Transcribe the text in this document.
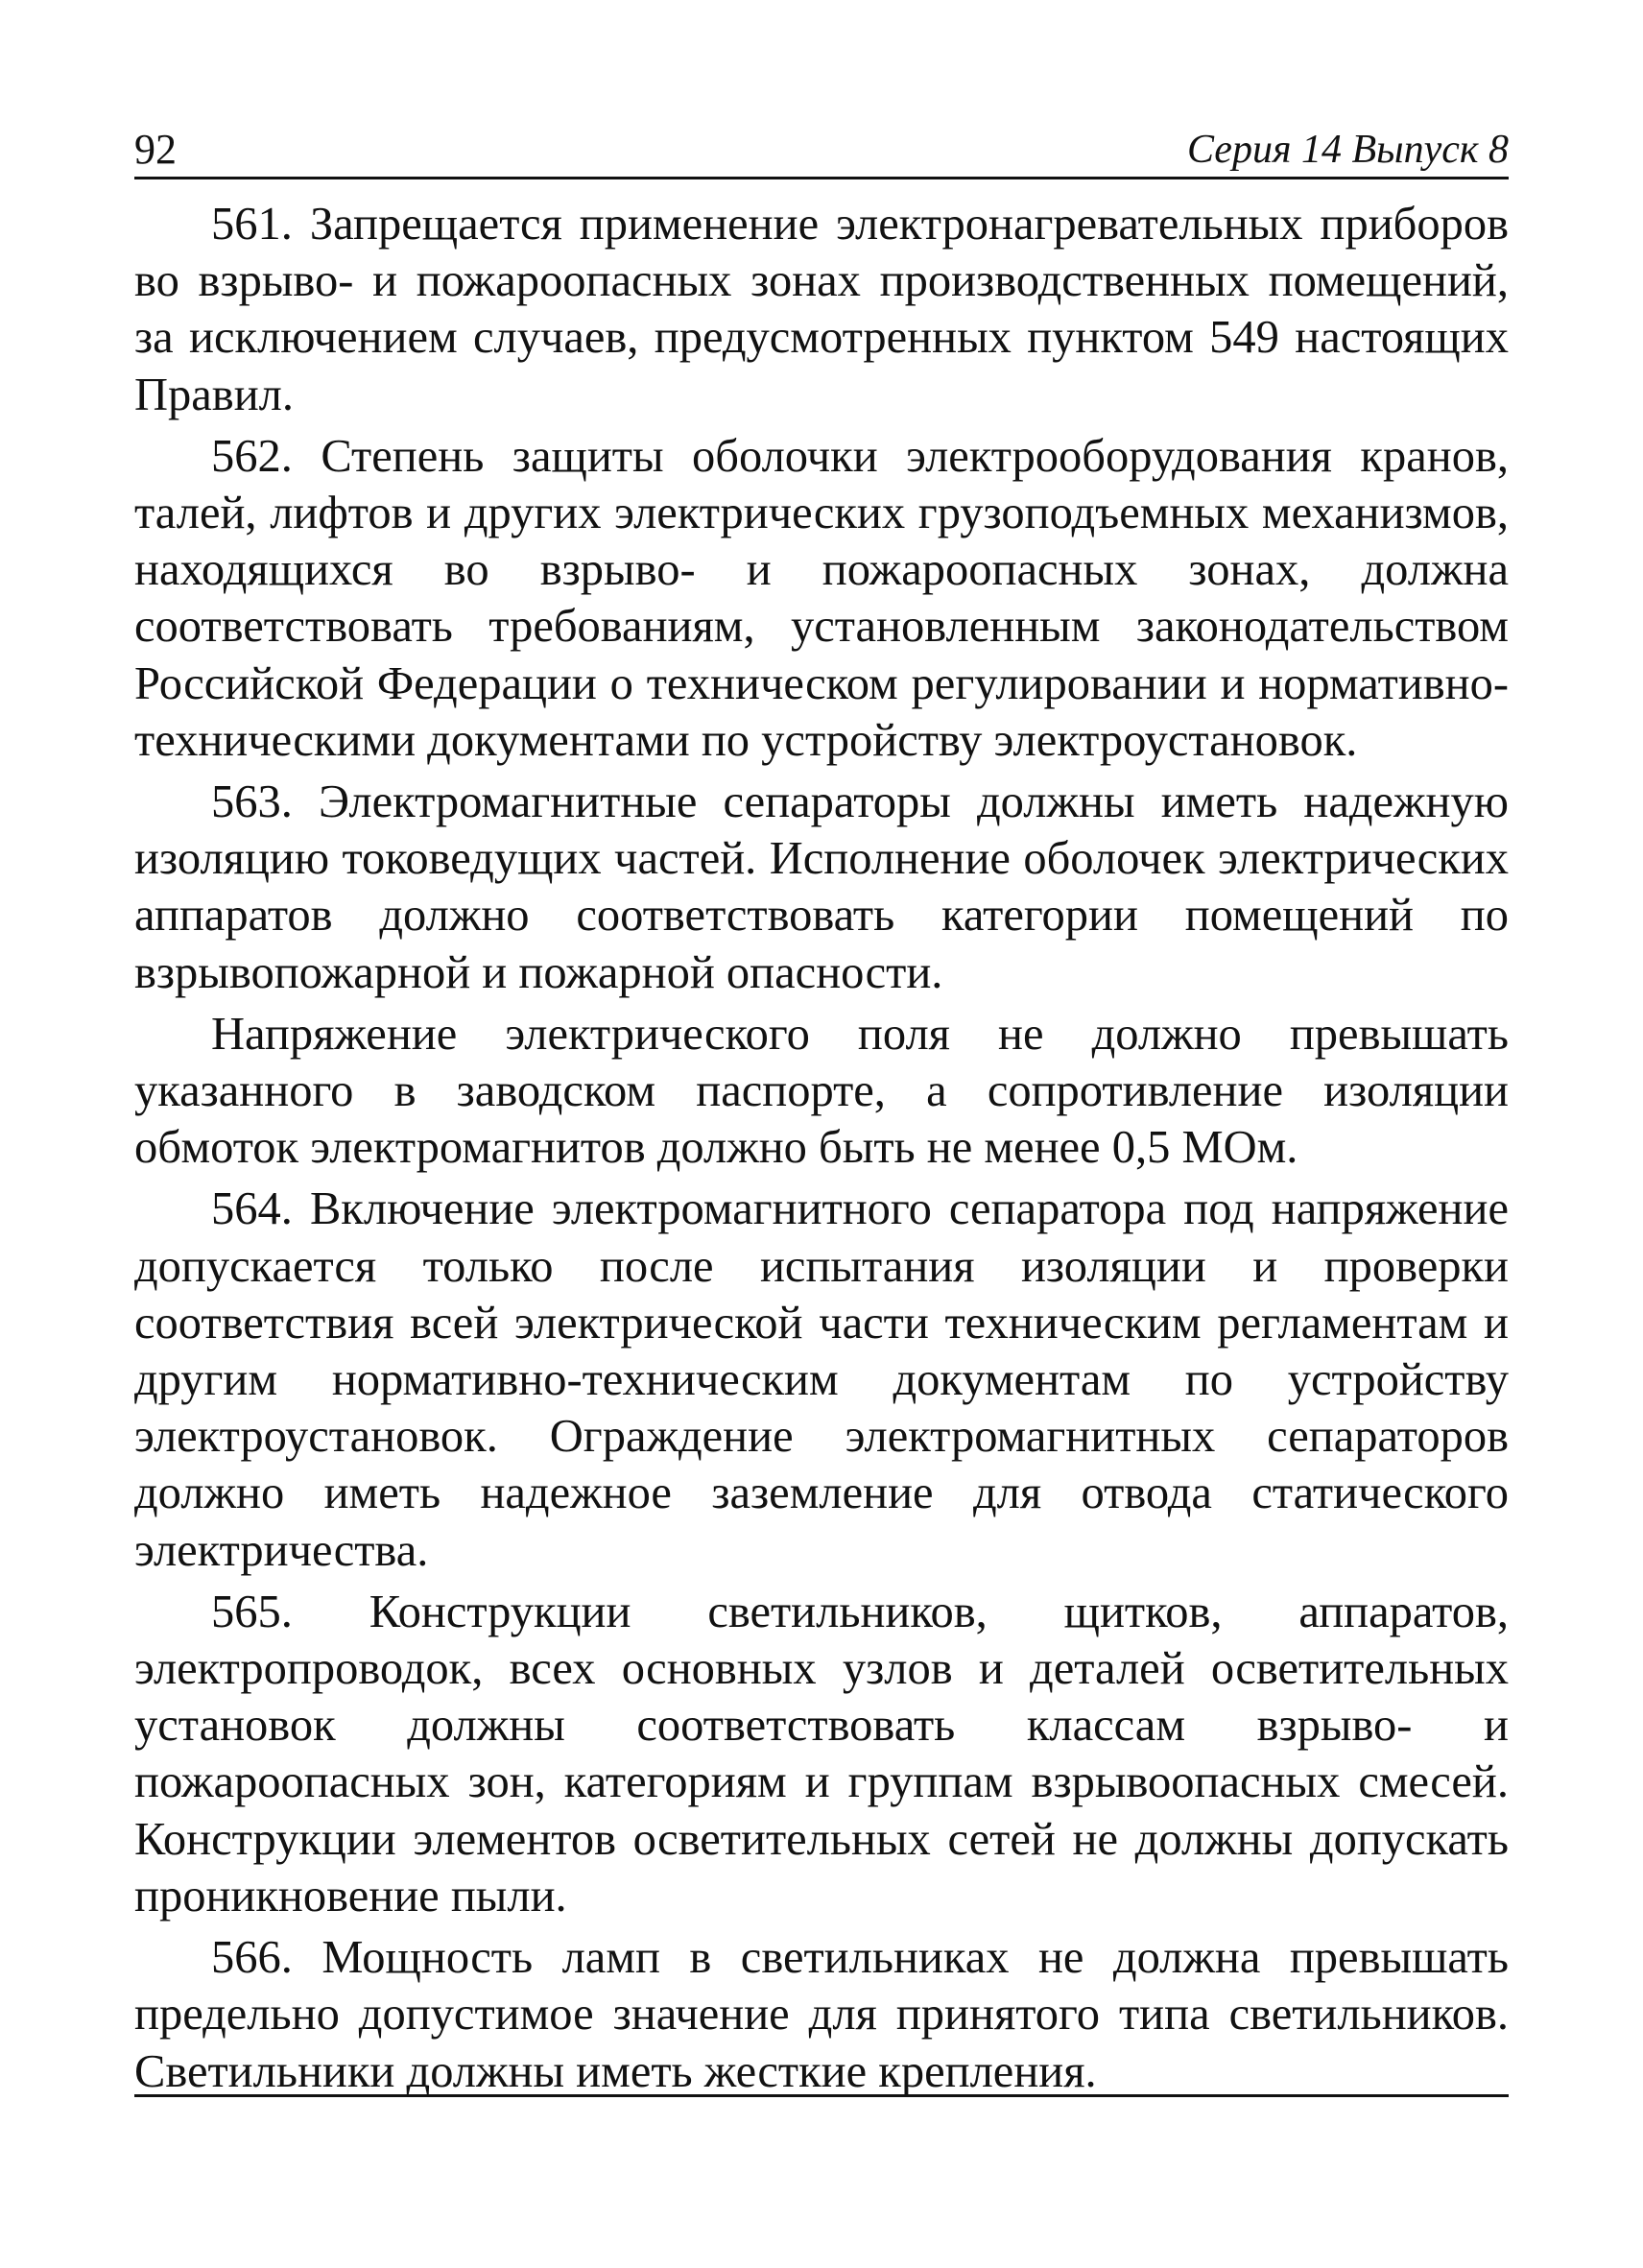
92	Серия 14 Выпуск 8

561. Запрещается применение электронагревательных приборов во взрыво- и пожароопасных зонах производственных помещений, за исключением случаев, предусмотренных пунктом 549 настоящих Правил.

562. Степень защиты оболочки электрооборудования кранов, талей, лифтов и других электрических грузоподъемных механизмов, находящихся во взрыво- и пожароопасных зонах, должна соответствовать требованиям, установленным законодательством Российской Федерации о техническом регулировании и нормативно-техническими документами по устройству электроустановок.

563. Электромагнитные сепараторы должны иметь надежную изоляцию токоведущих частей. Исполнение оболочек электрических аппаратов должно соответствовать категории помещений по взрывопожарной и пожарной опасности.

Напряжение электрического поля не должно превышать указанного в заводском паспорте, а сопротивление изоляции обмоток электромагнитов должно быть не менее 0,5 МОм.

564. Включение электромагнитного сепаратора под напряжение допускается только после испытания изоляции и проверки соответствия всей электрической части техническим регламентам и другим нормативно-техническим документам по устройству электроустановок. Ограждение электромагнитных сепараторов должно иметь надежное заземление для отвода статического электричества.

565. Конструкции светильников, щитков, аппаратов, электропроводок, всех основных узлов и деталей осветительных установок должны соответствовать классам взрыво- и пожароопасных зон, категориям и группам взрывоопасных смесей. Конструкции элементов осветительных сетей не должны допускать проникновение пыли.

566. Мощность ламп в светильниках не должна превышать предельно допустимое значение для принятого типа светильников. Светильники должны иметь жесткие крепления.
